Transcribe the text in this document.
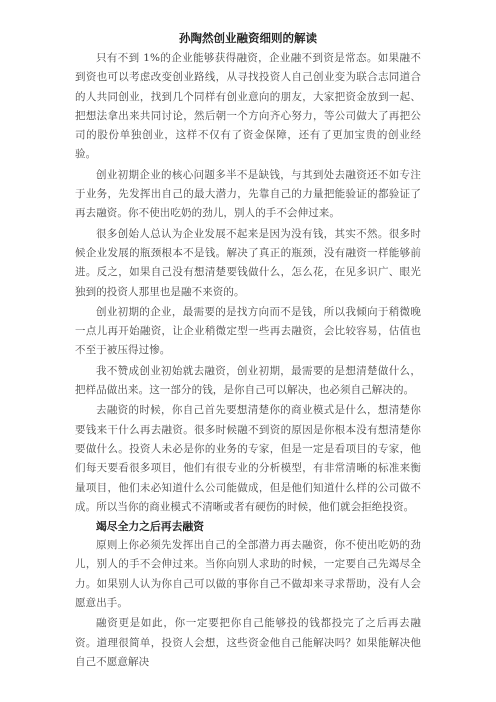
孙陶然创业融资细则的解读

只有不到 1%的企业能够获得融资，企业融不到资是常态。如果融不到资也可以考虑改变创业路线，从寻找投资人自己创业变为联合志同道合的人共同创业，找到几个同样有创业意向的朋友，大家把资金放到一起、把想法拿出来共同讨论，然后朝一个方向齐心努力，等公司做大了再把公司的股份单独创业，这样不仅有了资金保障，还有了更加宝贵的创业经验。

创业初期企业的核心问题多半不是缺钱，与其到处去融资还不如专注于业务，先发挥出自己的最大潜力，先靠自己的力量把能验证的都验证了再去融资。你不使出吃奶的劲儿，别人的手不会伸过来。

很多创始人总认为企业发展不起来是因为没有钱，其实不然。很多时候企业发展的瓶颈根本不是钱。解决了真正的瓶颈，没有融资一样能够前进。反之，如果自己没有想清楚要钱做什么，怎么花，在见多识广、眼光独到的投资人那里也是融不来资的。

创业初期的企业，最需要的是找方向而不是钱，所以我倾向于稍微晚一点儿再开始融资，让企业稍微定型一些再去融资，会比较容易，估值也不至于被压得过惨。

我不赞成创业初始就去融资，创业初期，最需要的是想清楚做什么，把样品做出来。这一部分的钱，是你自己可以解决，也必须自己解决的。

去融资的时候，你自己首先要想清楚你的商业模式是什么，想清楚你要钱来干什么再去融资。很多时候融不到资的原因是你根本没有想清楚你要做什么。投资人未必是你的业务的专家，但是一定是看项目的专家，他们每天要看很多项目，他们有很专业的分析模型，有非常清晰的标准来衡量项目，他们未必知道什么公司能做成，但是他们知道什么样的公司做不成。所以当你的商业模式不清晰或者有硬伤的时候，他们就会拒绝投资。

竭尽全力之后再去融资

原则上你必须先发挥出自己的全部潜力再去融资，你不使出吃奶的劲儿，别人的手不会伸过来。当你向别人求助的时候，一定要自己先竭尽全力。如果别人认为你自己可以做的事你自己不做却来寻求帮助，没有人会愿意出手。

融资更是如此，你一定要把你自己能够投的钱都投完了之后再去融资。道理很简单，投资人会想，这些资金他自己能解决吗？如果能解决他自己不愿意解决
